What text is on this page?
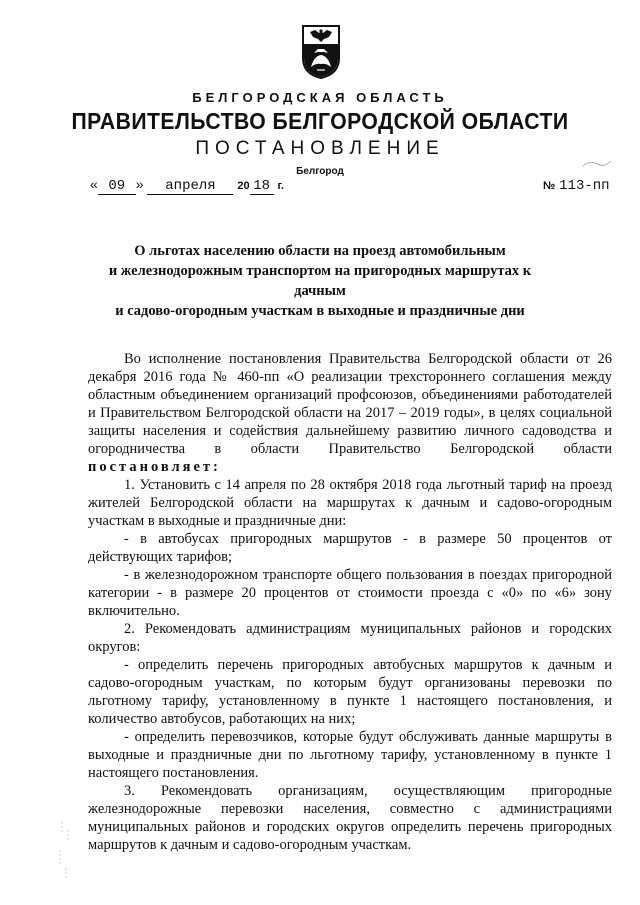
БЕЛГОРОДСКАЯ ОБЛАСТЬ
ПРАВИТЕЛЬСТВО БЕЛГОРОДСКОЙ ОБЛАСТИ
ПОСТАНОВЛЕНИЕ
Белгород
« 09 » апреля 20 18 г.	№ 113-пп
О льготах населению области на проезд автомобильным
и железнодорожным транспортом на пригородных маршрутах к дачным
и садово-огородным участкам в выходные и праздничные дни

Во исполнение постановления Правительства Белгородской области от 26 декабря 2016 года № 460-пп «О реализации трехстороннего соглашения между областным объединением организаций профсоюзов, объединениями работодателей и Правительством Белгородской области на 2017 – 2019 годы», в целях социальной защиты населения и содействия дальнейшему развитию личного садоводства и огородничества в области Правительство Белгородской области постановляет:

1. Установить с 14 апреля по 28 октября 2018 года льготный тариф на проезд жителей Белгородской области на маршрутах к дачным и садово-огородным участкам в выходные и праздничные дни:

- в автобусах пригородных маршрутов - в размере 50 процентов от действующих тарифов;

- в железнодорожном транспорте общего пользования в поездах пригородной категории - в размере 20 процентов от стоимости проезда с «0» по «6» зону включительно.

2. Рекомендовать администрациям муниципальных районов и городских округов:

- определить перечень пригородных автобусных маршрутов к дачным и садово-огородным участкам, по которым будут организованы перевозки по льготному тарифу, установленному в пункте 1 настоящего постановления, и количество автобусов, работающих на них;

- определить перевозчиков, которые будут обслуживать данные маршруты в выходные и праздничные дни по льготному тарифу, установленному в пункте 1 настоящего постановления.

3. Рекомендовать организациям, осуществляющим пригородные железнодорожные перевозки населения, совместно с администрациями муниципальных районов и городских округов определить перечень пригородных маршрутов к дачным и садово-огородным участкам.
